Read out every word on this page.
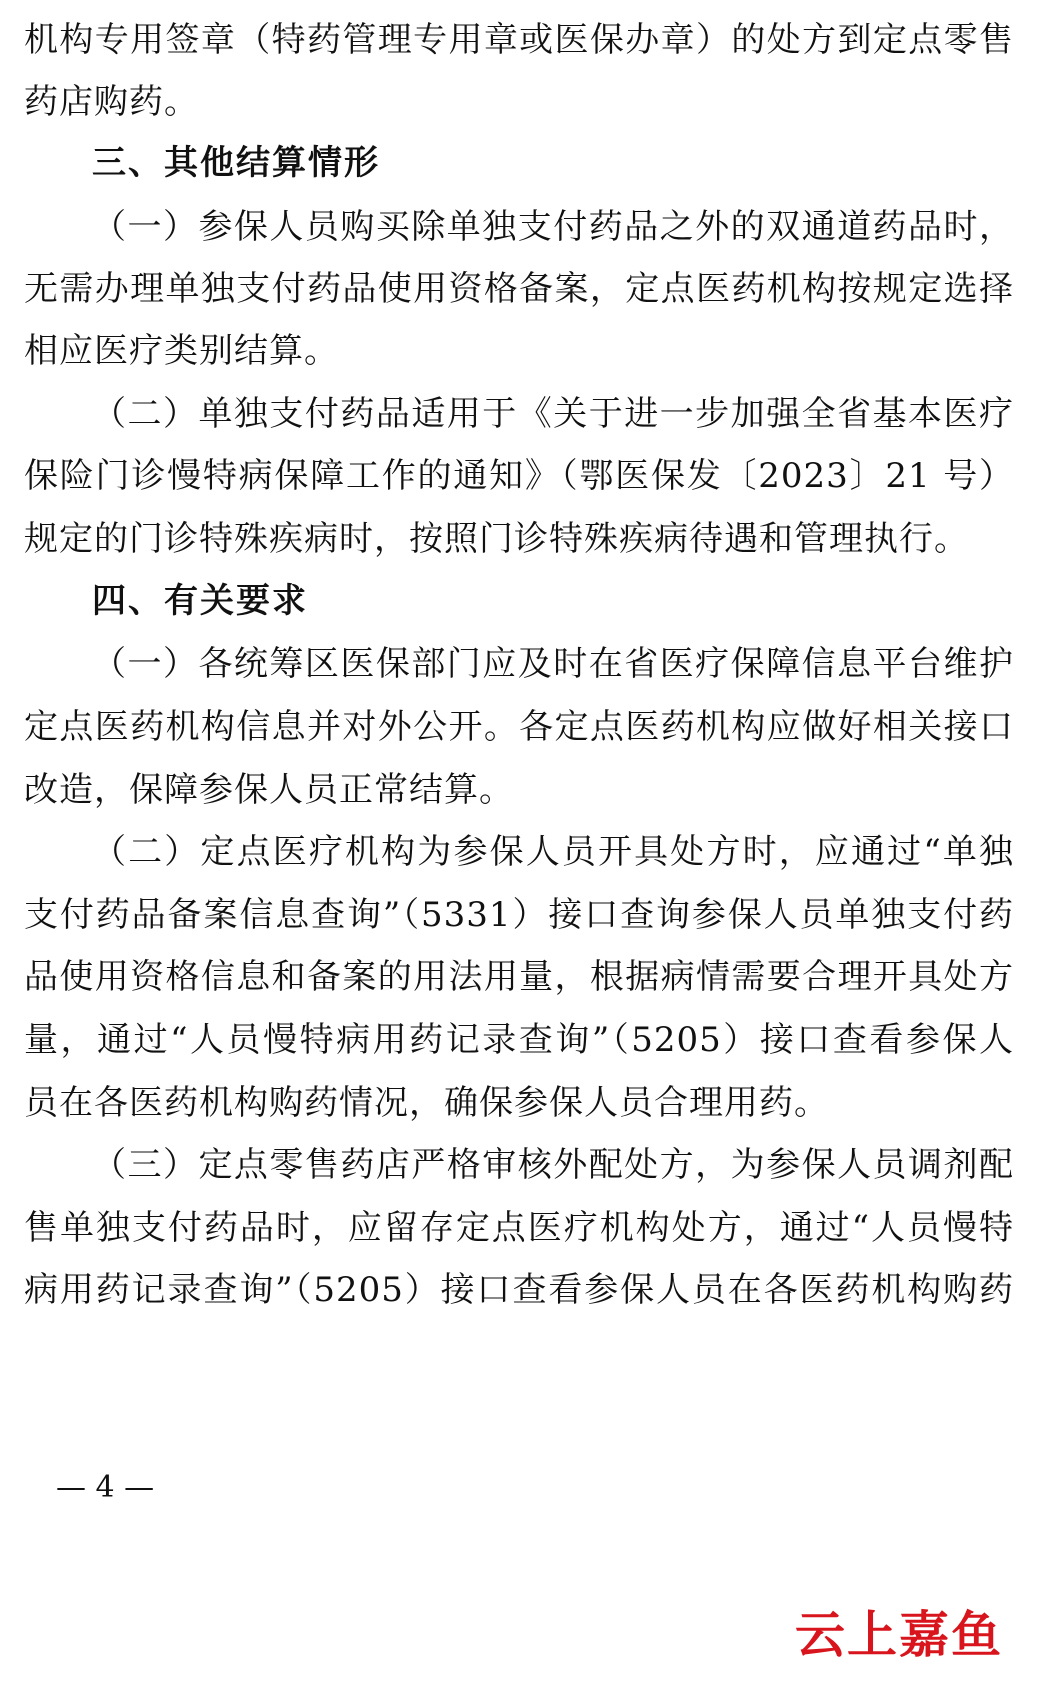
机构专用签章（特药管理专用章或医保办章）的处方到定点零售
药店购药。
三、其他结算情形
（一）参保人员购买除单独支付药品之外的双通道药品时，
无需办理单独支付药品使用资格备案，定点医药机构按规定选择
相应医疗类别结算。
（二）单独支付药品适用于《关于进一步加强全省基本医疗
保险门诊慢特病保障工作的通知》（鄂医保发〔2023〕21 号）
规定的门诊特殊疾病时，按照门诊特殊疾病待遇和管理执行。
四、有关要求
（一）各统筹区医保部门应及时在省医疗保障信息平台维护
定点医药机构信息并对外公开。各定点医药机构应做好相关接口
改造，保障参保人员正常结算。
（二）定点医疗机构为参保人员开具处方时，应通过“单独
支付药品备案信息查询”（5331）接口查询参保人员单独支付药
品使用资格信息和备案的用法用量，根据病情需要合理开具处方
量，通过“人员慢特病用药记录查询”（5205）接口查看参保人
员在各医药机构购药情况，确保参保人员合理用药。
（三）定点零售药店严格审核外配处方，为参保人员调剂配
售单独支付药品时，应留存定点医疗机构处方，通过“人员慢特
病用药记录查询”（5205）接口查看参保人员在各医药机构购药
— 4 —
云上嘉鱼
